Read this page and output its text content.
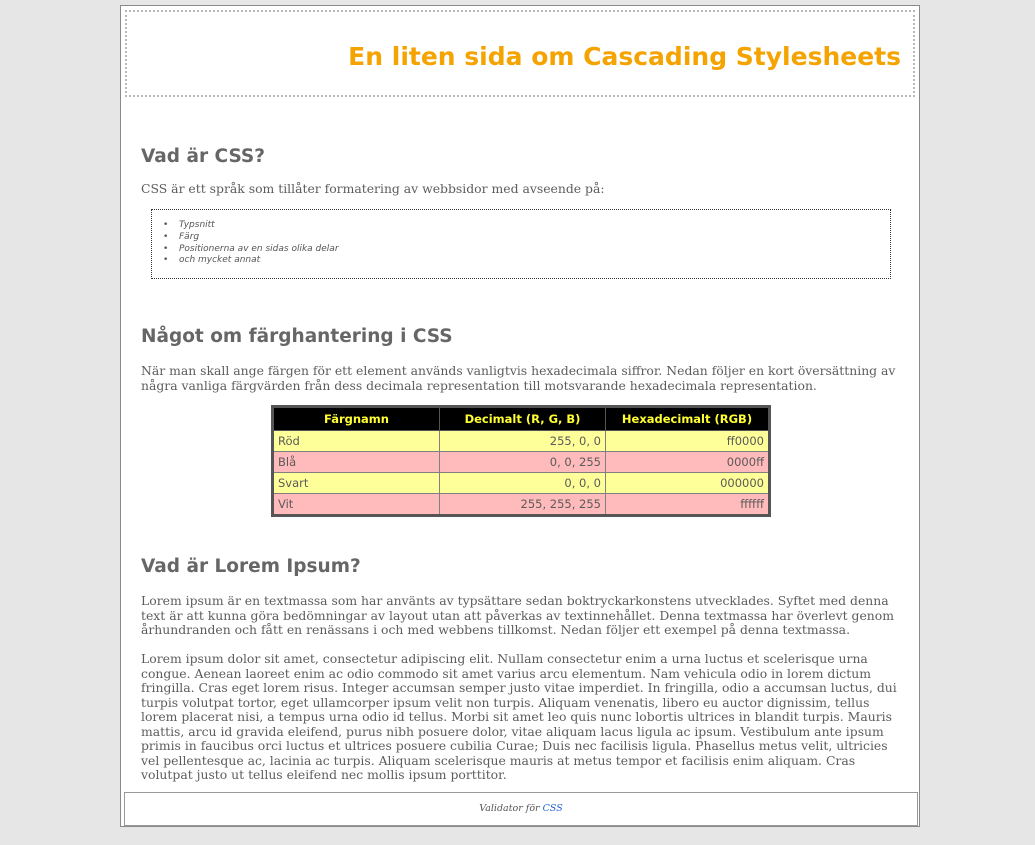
En liten sida om Cascading Stylesheets
Vad är CSS?

CSS är ett språk som tillåter formatering av webbsidor med avseende på:

• Typsnitt
• Färg
• Positionerna av en sidas olika delar
• och mycket annat
Något om färghantering i CSS

När man skall ange färgen för ett element används vanligtvis hexadecimala siffror. Nedan följer en kort översättning av några vanliga färgvärden från dess decimala representation till motsvarande hexadecimala representation.

Färgnamn	Decimalt (R, G, B)	Hexadecimalt (RGB)
Röd	255, 0, 0	ff0000
Blå	0, 0, 255	0000ff
Svart	0, 0, 0	000000
Vit	255, 255, 255	ffffff
Vad är Lorem Ipsum?

Lorem ipsum är en textmassa som har använts av typsättare sedan boktryckarkonstens utvecklades. Syftet med denna text är att kunna göra bedömningar av layout utan att påverkas av textinnehållet. Denna textmassa har överlevt genom århundranden och fått en renässans i och med webbens tillkomst. Nedan följer ett exempel på denna textmassa.

Lorem ipsum dolor sit amet, consectetur adipiscing elit. Nullam consectetur enim a urna luctus et scelerisque urna congue. Aenean laoreet enim ac odio commodo sit amet varius arcu elementum. Nam vehicula odio in lorem dictum fringilla. Cras eget lorem risus. Integer accumsan semper justo vitae imperdiet. In fringilla, odio a accumsan luctus, dui turpis volutpat tortor, eget ullamcorper ipsum velit non turpis. Aliquam venenatis, libero eu auctor dignissim, tellus lorem placerat nisi, a tempus urna odio id tellus. Morbi sit amet leo quis nunc lobortis ultrices in blandit turpis. Mauris mattis, arcu id gravida eleifend, purus nibh posuere dolor, vitae aliquam lacus ligula ac ipsum. Vestibulum ante ipsum primis in faucibus orci luctus et ultrices posuere cubilia Curae; Duis nec facilisis ligula. Phasellus metus velit, ultricies vel pellentesque ac, lacinia ac turpis. Aliquam scelerisque mauris at metus tempor et facilisis enim aliquam. Cras volutpat justo ut tellus eleifend nec mollis ipsum porttitor.

Validator för CSS
